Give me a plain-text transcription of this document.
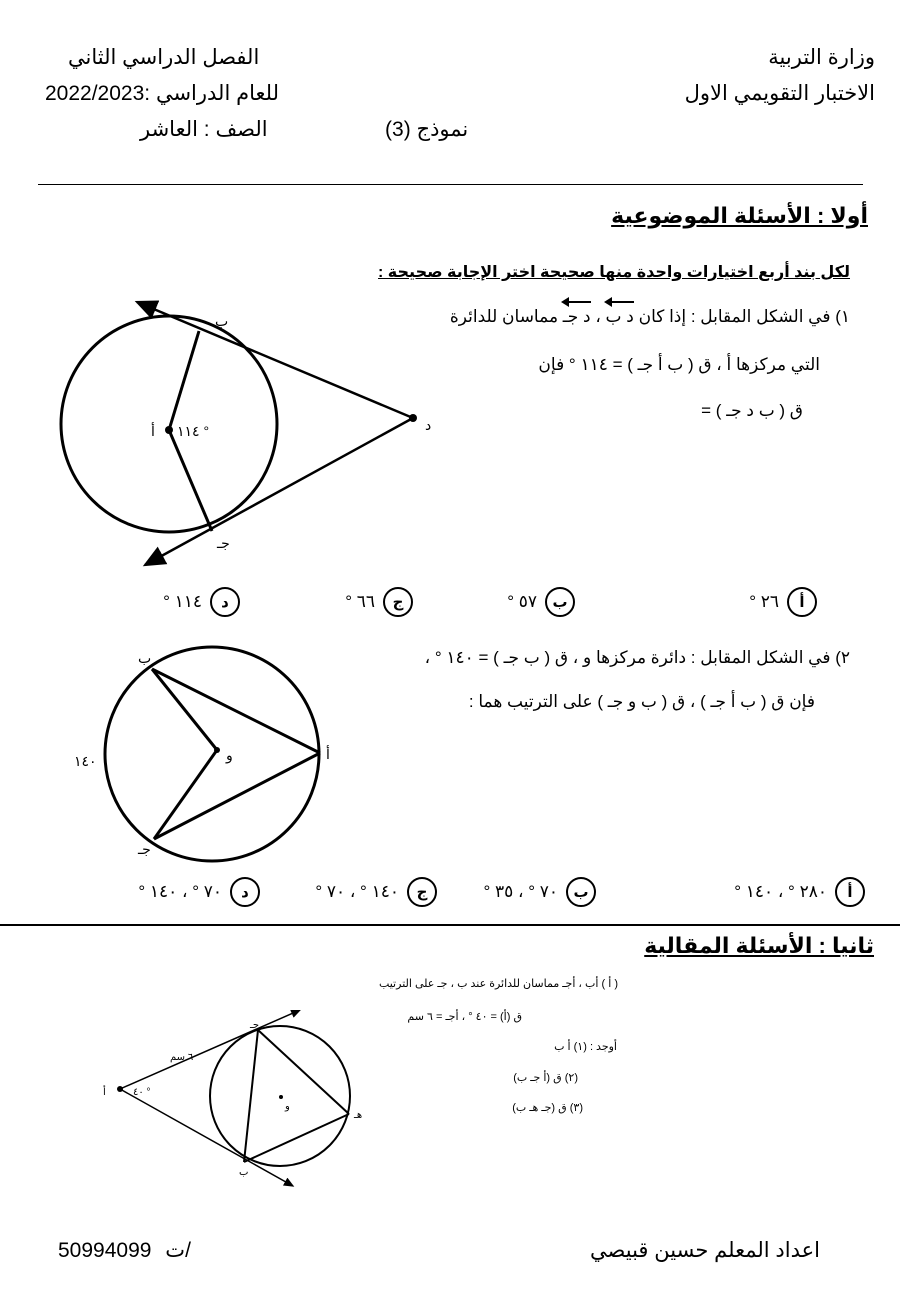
وزارة التربية
الاختبار التقويمي الاول
نموذج (3)
الفصل الدراسي الثاني
للعام الدراسي :2022/2023
الصف : العاشر
أولا : الأسئلة الموضوعية
لكل بند أربع اختيارات واحدة منها صحيحة اختر الإجابة صحيحة :
١) في الشكل المقابل : إذا كان د ب ، د جـ مماسان للدائرة
التي مركزها أ ، ق ( ب أ جـ ) = ١١٤ ° فإن
ق ( ب د جـ ) =
ب
د
أ ١١٤ °
جـ
أ
٢٦ °
ب
٥٧ °
ج
٦٦ °
د
١١٤ °
٢) في الشكل المقابل : دائرة مركزها و ، ق ( ب جـ ) = ١٤٠ ° ،
فإن ق ( ب أ جـ ) ، ق ( ب و جـ ) على الترتيب هما :
ب
أ
و
جـ
١٤٠
أ
٢٨٠ ° ، ١٤٠ °
ب
٧٠ ° ، ٣٥ °
ج
١٤٠ ° ، ٧٠ °
د
٧٠ ° ، ١٤٠ °
ثانيا : الأسئلة المقالية
( أ ) أب ، أجـ مماسان للدائرة عند ب ، جـ على الترتيب
ق (أ) = ٤٠ ° ، أجـ = ٦ سم
أوجد : (١) أ ب
(٢) ق (أ جـ ب)
(٣) ق (جـ هـ ب)
أ	٤٠ °
٦ سم
جـ
ب
هـ
و
اعداد المعلم حسين قبيصي
50994099 ت/
